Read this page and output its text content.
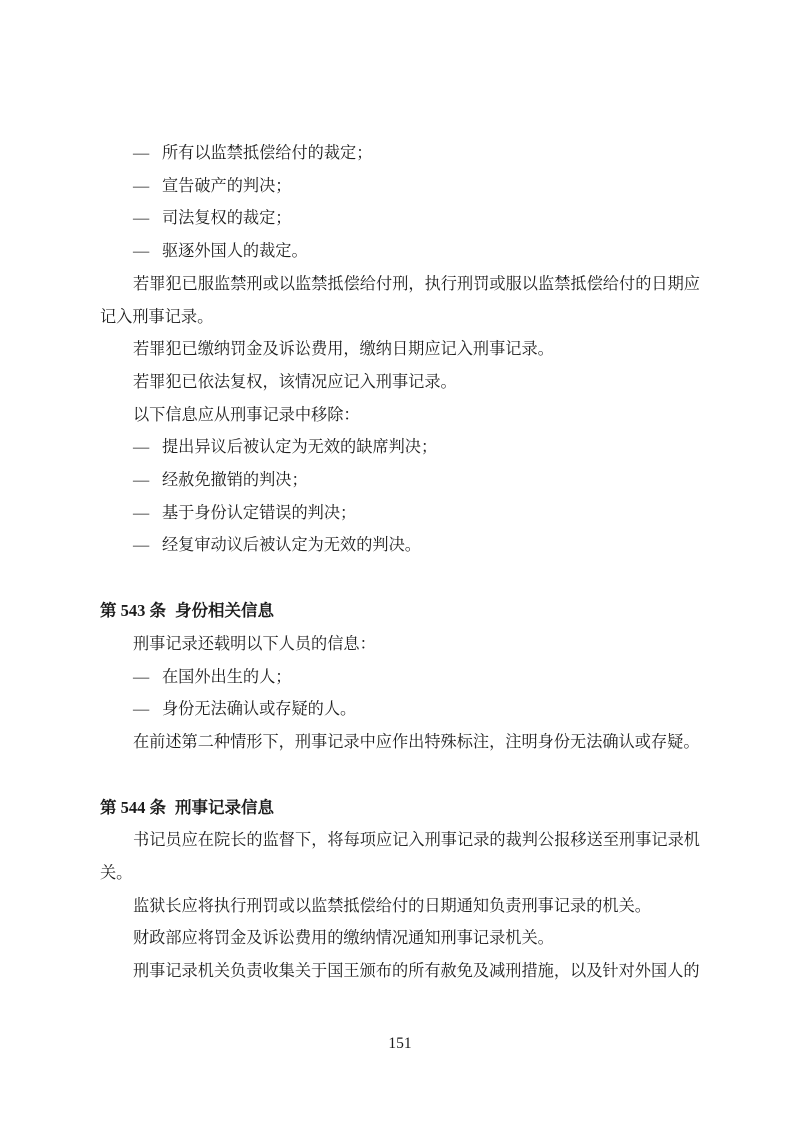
— 所有以监禁抵偿给付的裁定；
— 宣告破产的判决；
— 司法复权的裁定；
— 驱逐外国人的裁定。

若罪犯已服监禁刑或以监禁抵偿给付刑，执行刑罚或服以监禁抵偿给付的日期应记入刑事记录。

若罪犯已缴纳罚金及诉讼费用，缴纳日期应记入刑事记录。

若罪犯已依法复权，该情况应记入刑事记录。

以下信息应从刑事记录中移除：

— 提出异议后被认定为无效的缺席判决；
— 经赦免撤销的判决；
— 基于身份认定错误的判决；
— 经复审动议后被认定为无效的判决。
第 543 条 身份相关信息

刑事记录还载明以下人员的信息：

— 在国外出生的人；
— 身份无法确认或存疑的人。

在前述第二种情形下，刑事记录中应作出特殊标注，注明身份无法确认或存疑。

第 544 条 刑事记录信息

书记员应在院长的监督下，将每项应记入刑事记录的裁判公报移送至刑事记录机关。

监狱长应将执行刑罚或以监禁抵偿给付的日期通知负责刑事记录的机关。

财政部应将罚金及诉讼费用的缴纳情况通知刑事记录机关。

刑事记录机关负责收集关于国王颁布的所有赦免及减刑措施，以及针对外国人的

151
